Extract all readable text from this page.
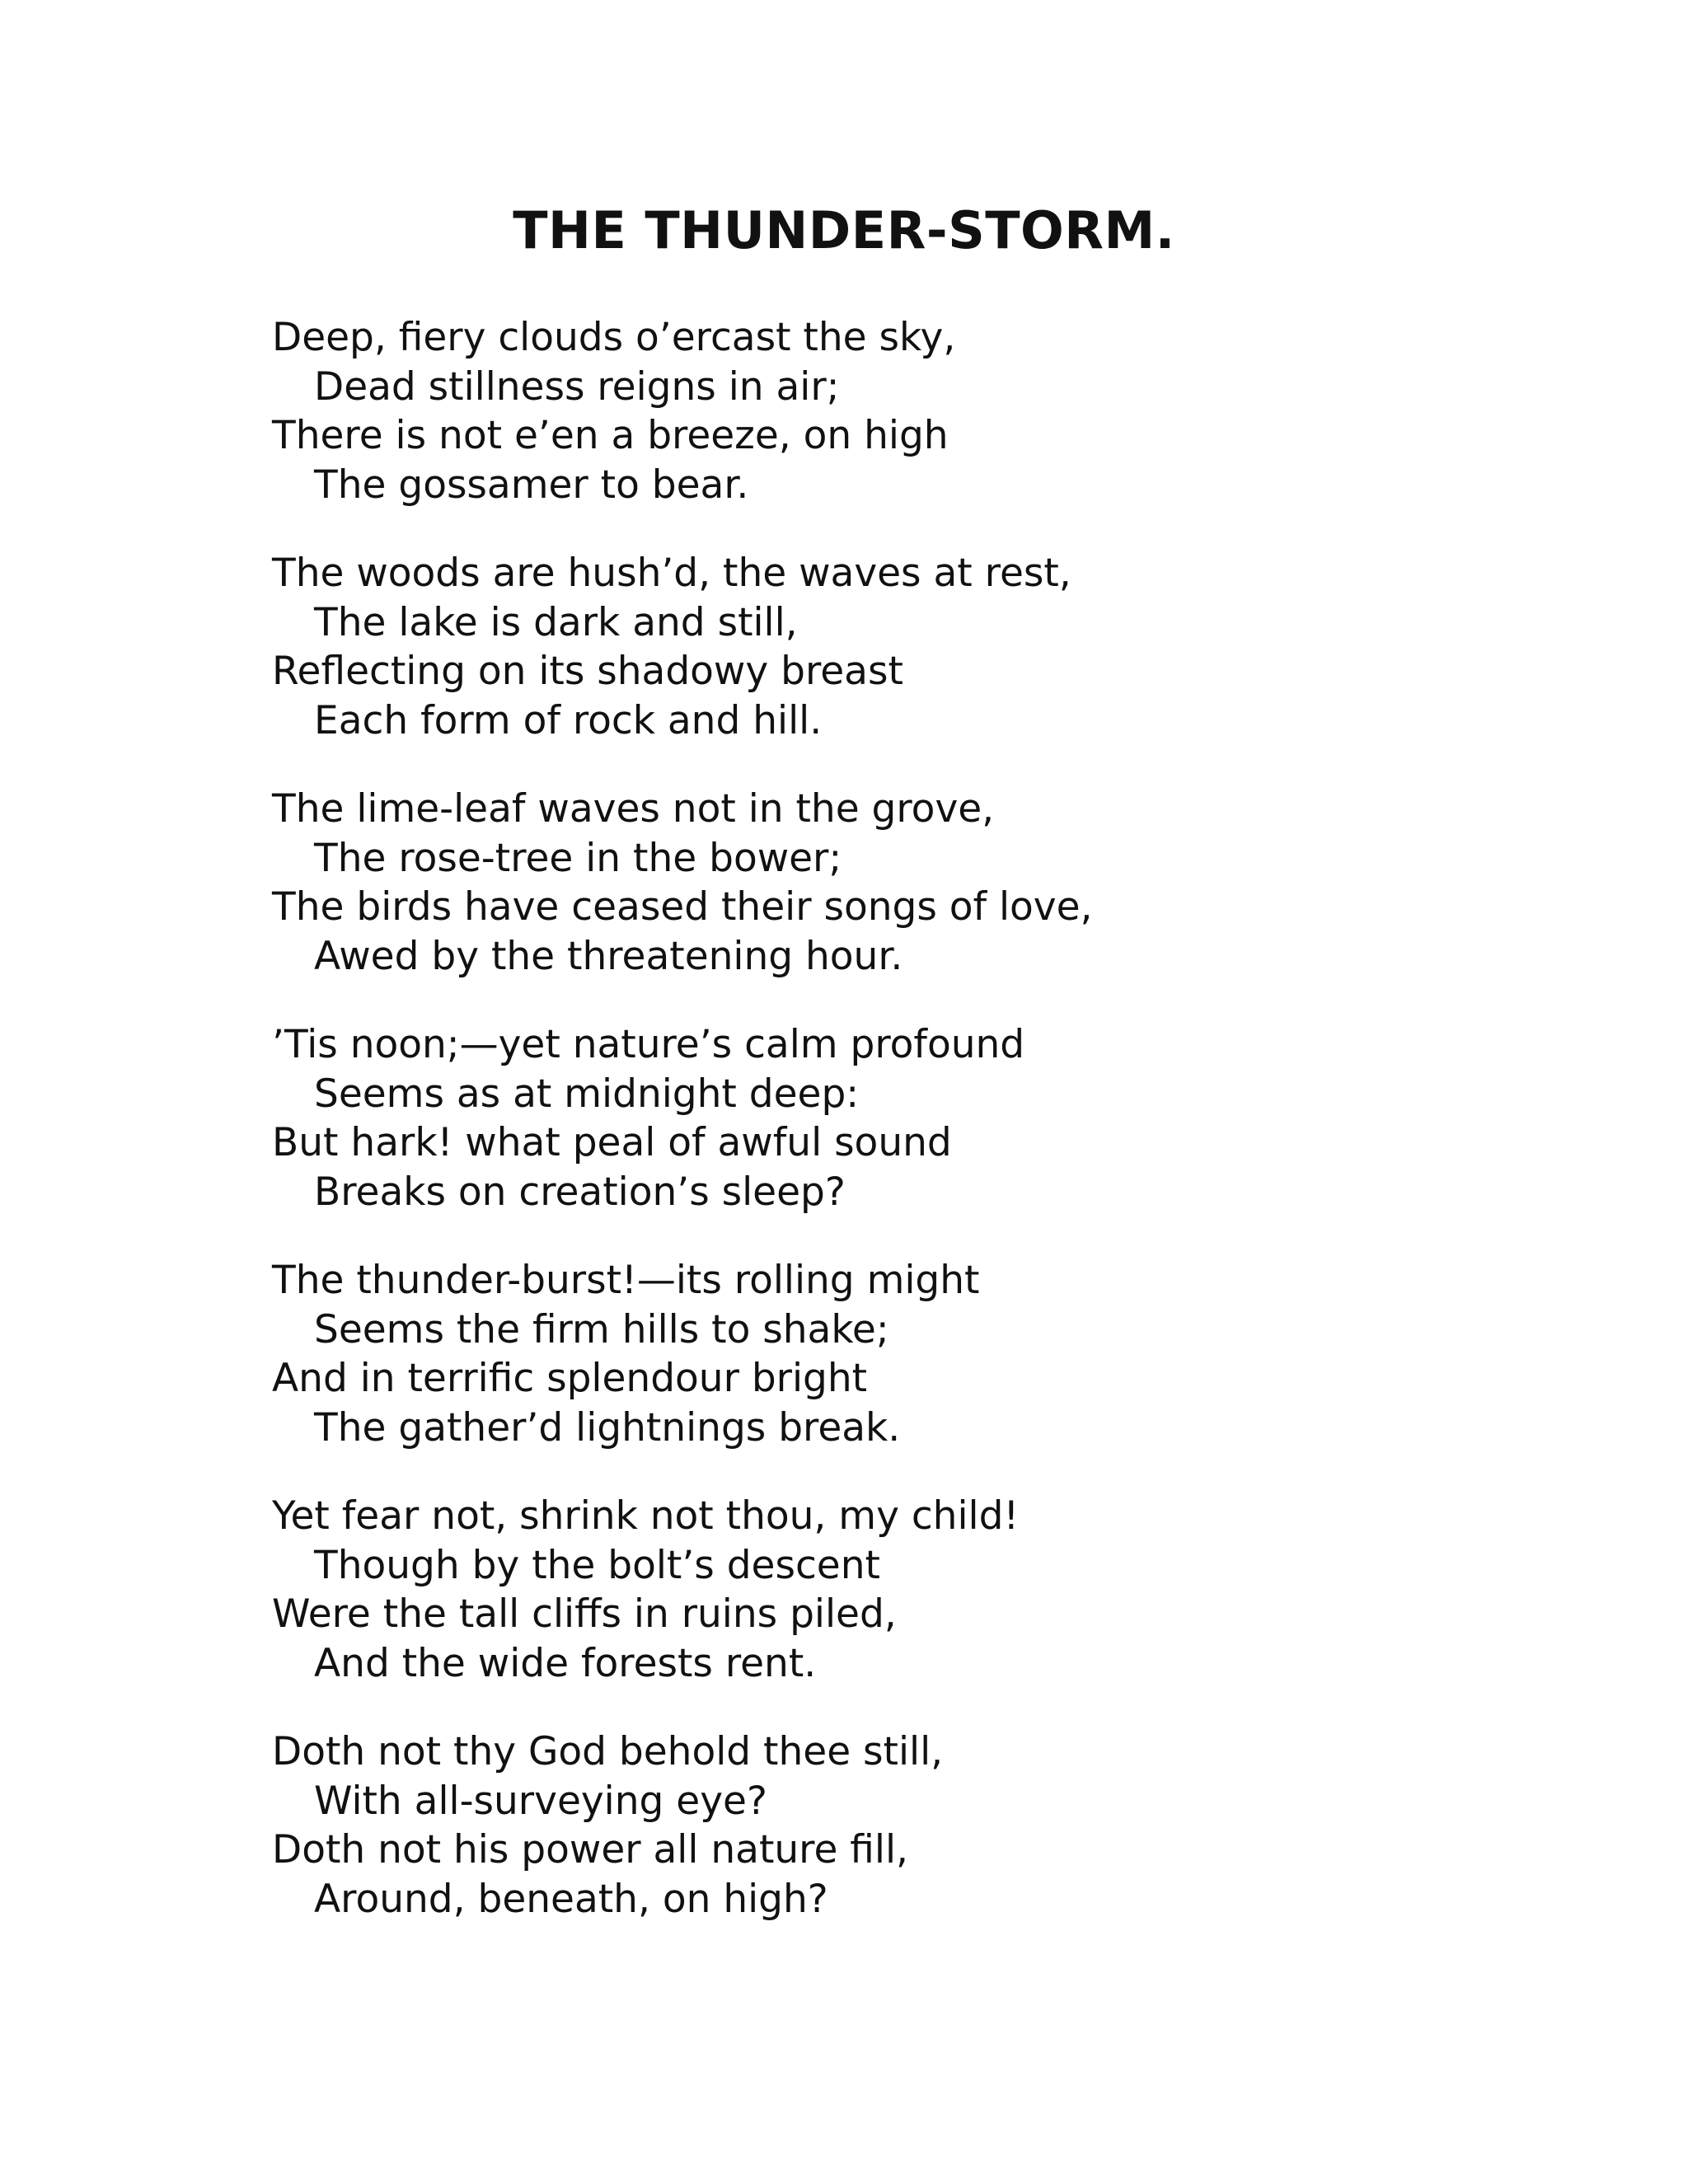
THE THUNDER-STORM.

Deep, fiery clouds o’ercast the sky,

Dead stillness reigns in air;

There is not e’en a breeze, on high

The gossamer to bear.

The woods are hush’d, the waves at rest,

The lake is dark and still,

Reflecting on its shadowy breast

Each form of rock and hill.

The lime-leaf waves not in the grove,

The rose-tree in the bower;

The birds have ceased their songs of love,

Awed by the threatening hour.

’Tis noon;—yet nature’s calm profound

Seems as at midnight deep:

But hark! what peal of awful sound

Breaks on creation’s sleep?

The thunder-burst!—its rolling might

Seems the firm hills to shake;

And in terrific splendour bright

The gather’d lightnings break.

Yet fear not, shrink not thou, my child!

Though by the bolt’s descent

Were the tall cliffs in ruins piled,

And the wide forests rent.

Doth not thy God behold thee still,

With all-surveying eye?

Doth not his power all nature fill,

Around, beneath, on high?
